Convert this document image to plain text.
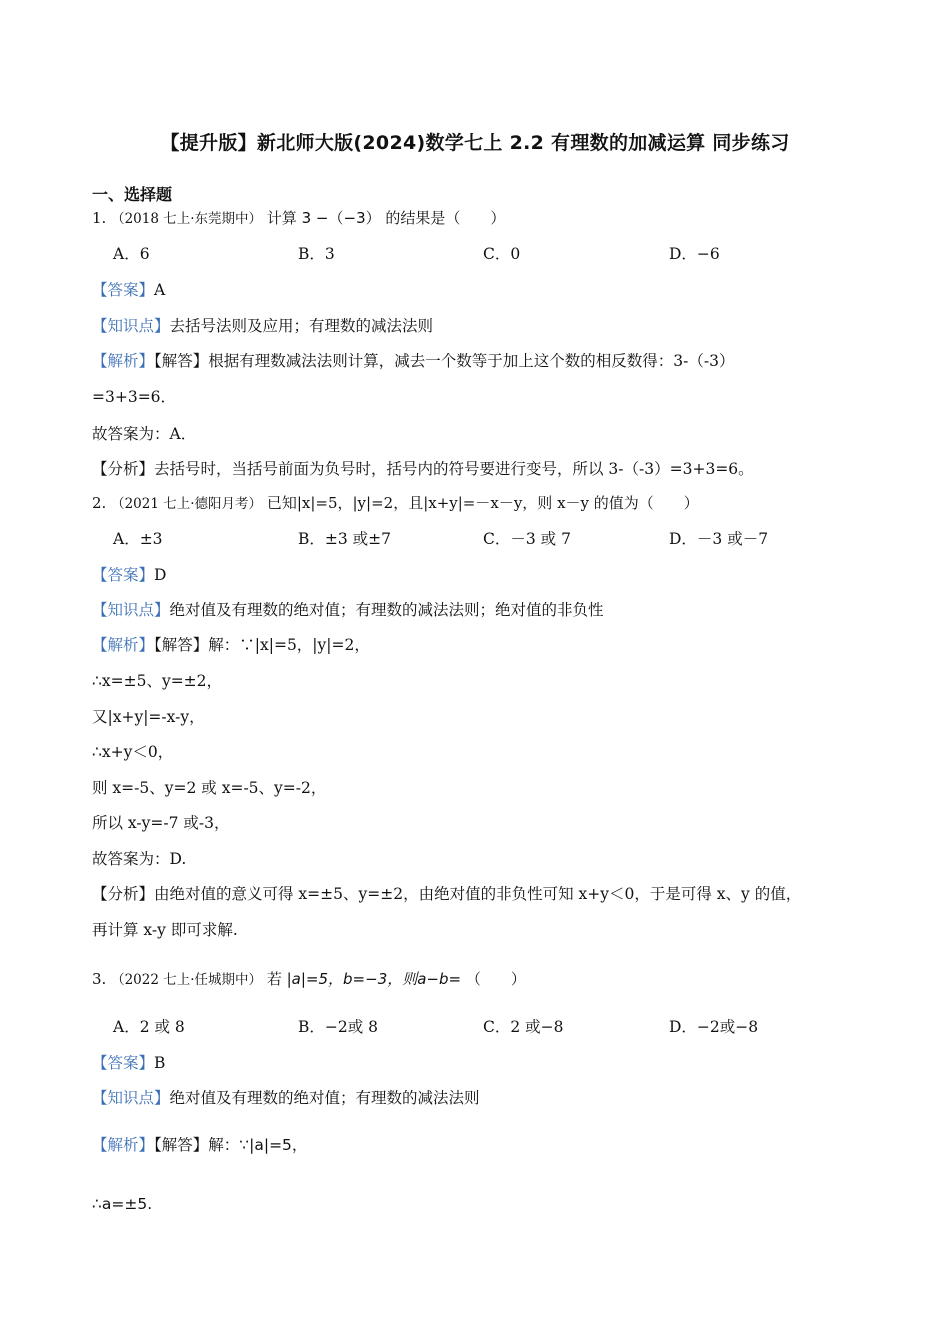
【提升版】新北师大版(2024)数学七上 2.2 有理数的加减运算 同步练习
一、选择题
1. （2018 七上·东莞期中） 计算 3 −（−3） 的结果是（　　）
A．6	B．3	C．0	D．−6
【答案】A
【知识点】去括号法则及应用；有理数的减法法则
【解析】【解答】根据有理数减法法则计算，减去一个数等于加上这个数的相反数得：3-（-3）
=3+3=6．
故答案为：A．
【分析】去括号时，当括号前面为负号时，括号内的符号要进行变号，所以 3-（-3）=3+3=6。
2. （2021 七上·德阳月考） 已知|x|=5，|y|=2，且|x+y|=－x－y，则 x－y 的值为（　　）
A．±3	B．±3 或±7	C．－3 或 7	D．－3 或－7
【答案】D
【知识点】绝对值及有理数的绝对值；有理数的减法法则；绝对值的非负性
【解析】【解答】解：∵|x|=5，|y|=2，
∴x=±5、y=±2，
又|x+y|=-x-y，
∴x+y＜0，
则 x=-5、y=2 或 x=-5、y=-2，
所以 x-y=-7 或-3，
故答案为：D.
【分析】由绝对值的意义可得 x=±5、y=±2，由绝对值的非负性可知 x+y＜0，于是可得 x、y 的值，
再计算 x-y 即可求解.
3. （2022 七上·任城期中） 若 |a|=5，b=−3，则a−b= （　　）
A．2 或 8	B．−2或 8	C．2 或−8	D．−2或−8
【答案】B
【知识点】绝对值及有理数的绝对值；有理数的减法法则
【解析】【解答】解：∵|a|=5，
∴a=±5.
